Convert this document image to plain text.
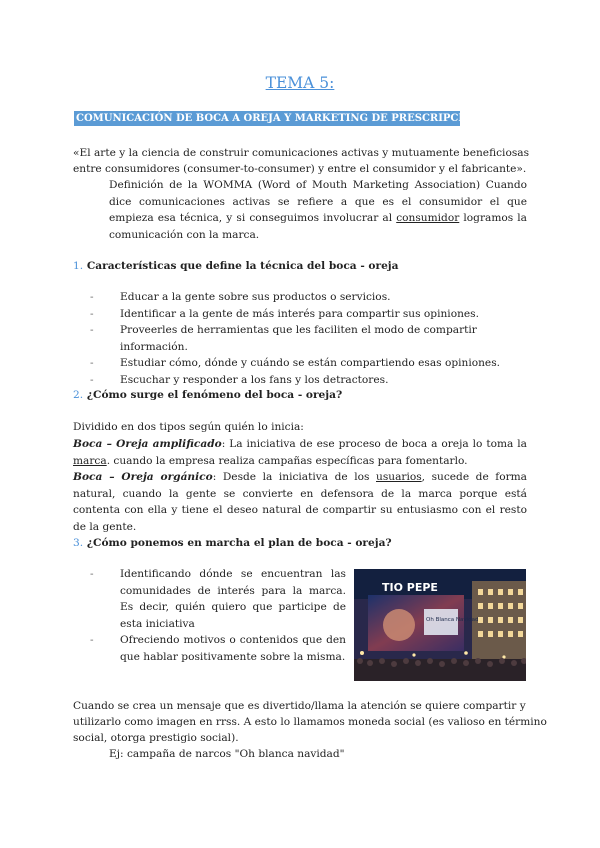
TEMA 5:
COMUNICACIÓN DE BOCA A OREJA Y MARKETING DE PRESCRIPCIÓN:

«El arte y la ciencia de construir comunicaciones activas y mutuamente beneficiosas

entre consumidores (consumer-to-consumer) y entre el consumidor y el fabricante».

Definición de la WOMMA (Word of Mouth Marketing Association) Cuando dice comunicaciones activas se refiere a que es el consumidor el que empieza esa técnica, y si conseguimos involucrar al consumidor logramos la comunicación con la marca.

1. Características que define la técnica del boca - oreja

- Educar a la gente sobre sus productos o servicios.
- Identificar a la gente de más interés para compartir sus opiniones.
- Proveerles de herramientas que les faciliten el modo de compartir información.
- Estudiar cómo, dónde y cuándo se están compartiendo esas opiniones.
- Escuchar y responder a los fans y los detractores.

2. ¿Cómo surge el fenómeno del boca - oreja?

Dividido en dos tipos según quién lo inicia:

Boca – Oreja amplificado: La iniciativa de ese proceso de boca a oreja lo toma la marca. cuando la empresa realiza campañas específicas para fomentarlo.

Boca – Oreja orgánico: Desde la iniciativa de los usuarios, sucede de forma natural, cuando la gente se convierte en defensora de la marca porque está contenta con ella y tiene el deseo natural de compartir su entusiasmo con el resto de la gente.

3. ¿Cómo ponemos en marcha el plan de boca - oreja?

- Identificando dónde se encuentran las comunidades de interés para la marca. Es decir, quién quiero que participe de esta iniciativa
- Ofreciendo motivos o contenidos que den que hablar positivamente sobre la misma.
TIO PEPE
Oh Blanca Navidad

Cuando se crea un mensaje que es divertido/llama la atención se quiere compartir y

utilizarlo como imagen en rrss. A esto lo llamamos moneda social (es valioso en término

social, otorga prestigio social).

Ej: campaña de narcos "Oh blanca navidad"
